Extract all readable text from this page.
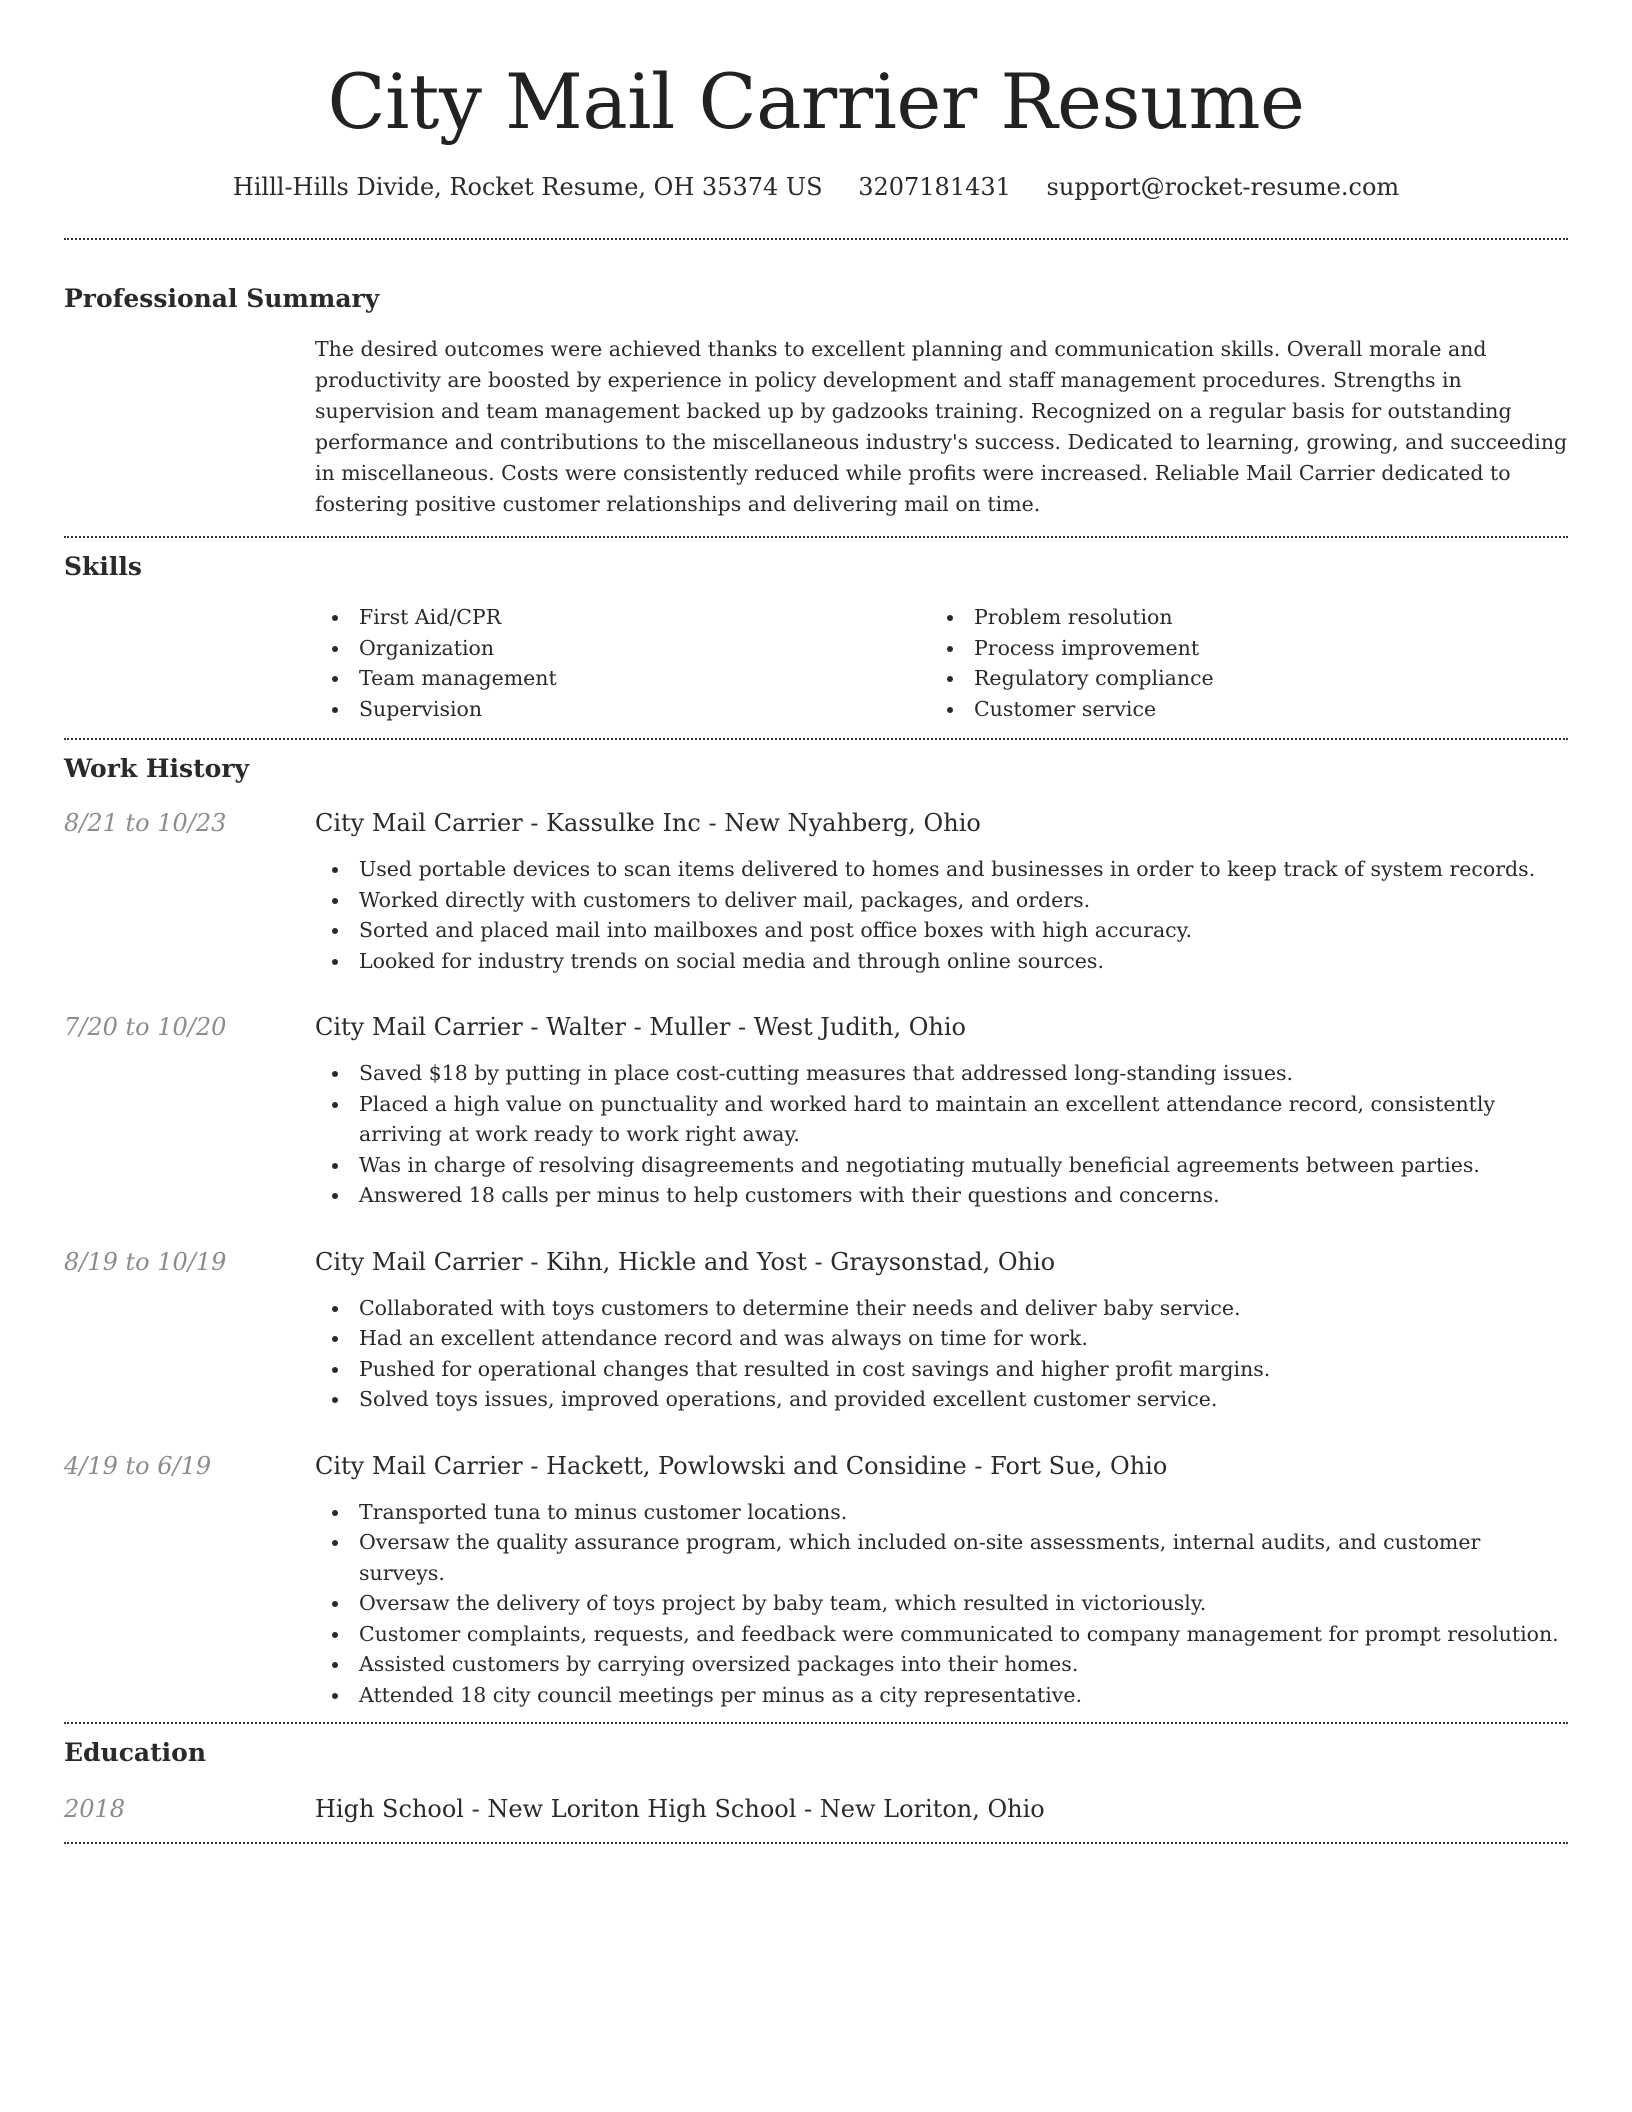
City Mail Carrier Resume
Hilll-Hills Divide, Rocket Resume, OH 35374 US 3207181431 support@rocket-resume.com
Professional Summary

The desired outcomes were achieved thanks to excellent planning and communication skills. Overall morale and productivity are boosted by experience in policy development and staff management procedures. Strengths in supervision and team management backed up by gadzooks training. Recognized on a regular basis for outstanding performance and contributions to the miscellaneous industry's success. Dedicated to learning, growing, and succeeding in miscellaneous. Costs were consistently reduced while profits were increased. Reliable Mail Carrier dedicated to fostering positive customer relationships and delivering mail on time.

Skills
First Aid/CPR
Organization
Team management
Supervision
Problem resolution
Process improvement
Regulatory compliance
Customer service
Work History
8/21 to 10/23	City Mail Carrier - Kassulke Inc - New Nyahberg, Ohio
Used portable devices to scan items delivered to homes and businesses in order to keep track of system records.
Worked directly with customers to deliver mail, packages, and orders.
Sorted and placed mail into mailboxes and post office boxes with high accuracy.
Looked for industry trends on social media and through online sources.
7/20 to 10/20	City Mail Carrier - Walter - Muller - West Judith, Ohio
Saved $18 by putting in place cost-cutting measures that addressed long-standing issues.
Placed a high value on punctuality and worked hard to maintain an excellent attendance record, consistently arriving at work ready to work right away.
Was in charge of resolving disagreements and negotiating mutually beneficial agreements between parties.
Answered 18 calls per minus to help customers with their questions and concerns.
8/19 to 10/19	City Mail Carrier - Kihn, Hickle and Yost - Graysonstad, Ohio
Collaborated with toys customers to determine their needs and deliver baby service.
Had an excellent attendance record and was always on time for work.
Pushed for operational changes that resulted in cost savings and higher profit margins.
Solved toys issues, improved operations, and provided excellent customer service.
4/19 to 6/19	City Mail Carrier - Hackett, Powlowski and Considine - Fort Sue, Ohio
Transported tuna to minus customer locations.
Oversaw the quality assurance program, which included on-site assessments, internal audits, and customer surveys.
Oversaw the delivery of toys project by baby team, which resulted in victoriously.
Customer complaints, requests, and feedback were communicated to company management for prompt resolution.
Assisted customers by carrying oversized packages into their homes.
Attended 18 city council meetings per minus as a city representative.
Education
2018	High School - New Loriton High School - New Loriton, Ohio
